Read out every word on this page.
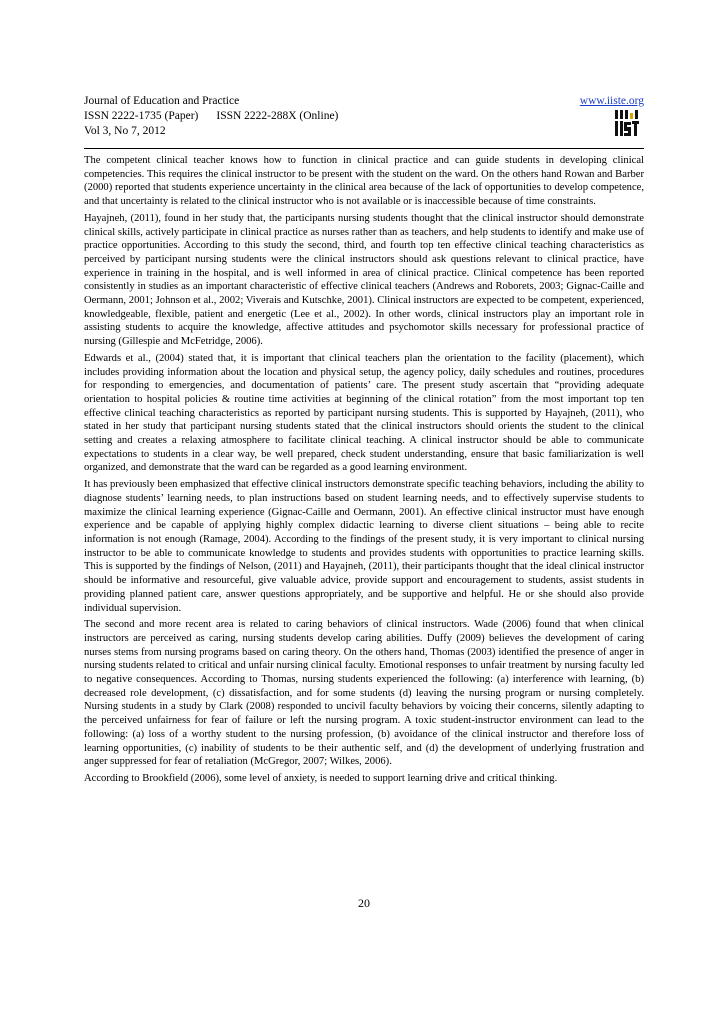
Journal of Education and Practice
ISSN 2222-1735 (Paper) ISSN 2222-288X (Online)
Vol 3, No 7, 2012
www.iiste.org

The competent clinical teacher knows how to function in clinical practice and can guide students in developing clinical competencies. This requires the clinical instructor to be present with the student on the ward. On the others hand Rowan and Barber (2000) reported that students experience uncertainty in the clinical area because of the lack of opportunities to develop competence, and that uncertainty is related to the clinical instructor who is not available or is inaccessible because of time constraints.

Hayajneh, (2011), found in her study that, the participants nursing students thought that the clinical instructor should demonstrate clinical skills, actively participate in clinical practice as nurses rather than as teachers, and help students to identify and make use of practice opportunities. According to this study the second, third, and fourth top ten effective clinical teaching characteristics as perceived by participant nursing students were the clinical instructors should ask questions relevant to clinical practice, have experience in training in the hospital, and is well informed in area of clinical practice. Clinical competence has been reported consistently in studies as an important characteristic of effective clinical teachers (Andrews and Roborets, 2003; Gignac-Caille and Oermann, 2001; Johnson et al., 2002; Viverais and Kutschke, 2001). Clinical instructors are expected to be competent, experienced, knowledgeable, flexible, patient and energetic (Lee et al., 2002). In other words, clinical instructors play an important role in assisting students to acquire the knowledge, affective attitudes and psychomotor skills necessary for professional practice of nursing (Gillespie and McFetridge, 2006).

Edwards et al., (2004) stated that, it is important that clinical teachers plan the orientation to the facility (placement), which includes providing information about the location and physical setup, the agency policy, daily schedules and routines, procedures for responding to emergencies, and documentation of patients’ care. The present study ascertain that “providing adequate orientation to hospital policies & routine time activities at beginning of the clinical rotation” from the most important top ten effective clinical teaching characteristics as reported by participant nursing students. This is supported by Hayajneh, (2011), who stated in her study that participant nursing students stated that the clinical instructors should orients the student to the clinical setting and creates a relaxing atmosphere to facilitate clinical teaching. A clinical instructor should be able to communicate expectations to students in a clear way, be well prepared, check student understanding, ensure that basic familiarization is well organized, and demonstrate that the ward can be regarded as a good learning environment.

It has previously been emphasized that effective clinical instructors demonstrate specific teaching behaviors, including the ability to diagnose students’ learning needs, to plan instructions based on student learning needs, and to effectively supervise students to maximize the clinical learning experience (Gignac-Caille and Oermann, 2001). An effective clinical instructor must have enough experience and be capable of applying highly complex didactic learning to diverse client situations – being able to recite information is not enough (Ramage, 2004). According to the findings of the present study, it is very important to clinical nursing instructor to be able to communicate knowledge to students and provides students with opportunities to practice learning skills. This is supported by the findings of Nelson, (2011) and Hayajneh, (2011), their participants thought that the ideal clinical instructor should be informative and resourceful, give valuable advice, provide support and encouragement to students, assist students in providing planned patient care, answer questions appropriately, and be supportive and helpful. He or she should also provide individual supervision.

The second and more recent area is related to caring behaviors of clinical instructors. Wade (2006) found that when clinical instructors are perceived as caring, nursing students develop caring abilities. Duffy (2009) believes the development of caring nurses stems from nursing programs based on caring theory. On the others hand, Thomas (2003) identified the presence of anger in nursing students related to critical and unfair nursing clinical faculty. Emotional responses to unfair treatment by nursing faculty led to negative consequences. According to Thomas, nursing students experienced the following: (a) interference with learning, (b) decreased role development, (c) dissatisfaction, and for some students (d) leaving the nursing program or nursing completely. Nursing students in a study by Clark (2008) responded to uncivil faculty behaviors by voicing their concerns, silently adapting to the perceived unfairness for fear of failure or left the nursing program. A toxic student-instructor environment can lead to the following: (a) loss of a worthy student to the nursing profession, (b) avoidance of the clinical instructor and therefore loss of learning opportunities, (c) inability of students to be their authentic self, and (d) the development of underlying frustration and anger suppressed for fear of retaliation (McGregor, 2007; Wilkes, 2006).

According to Brookfield (2006), some level of anxiety, is needed to support learning drive and critical thinking.

20
